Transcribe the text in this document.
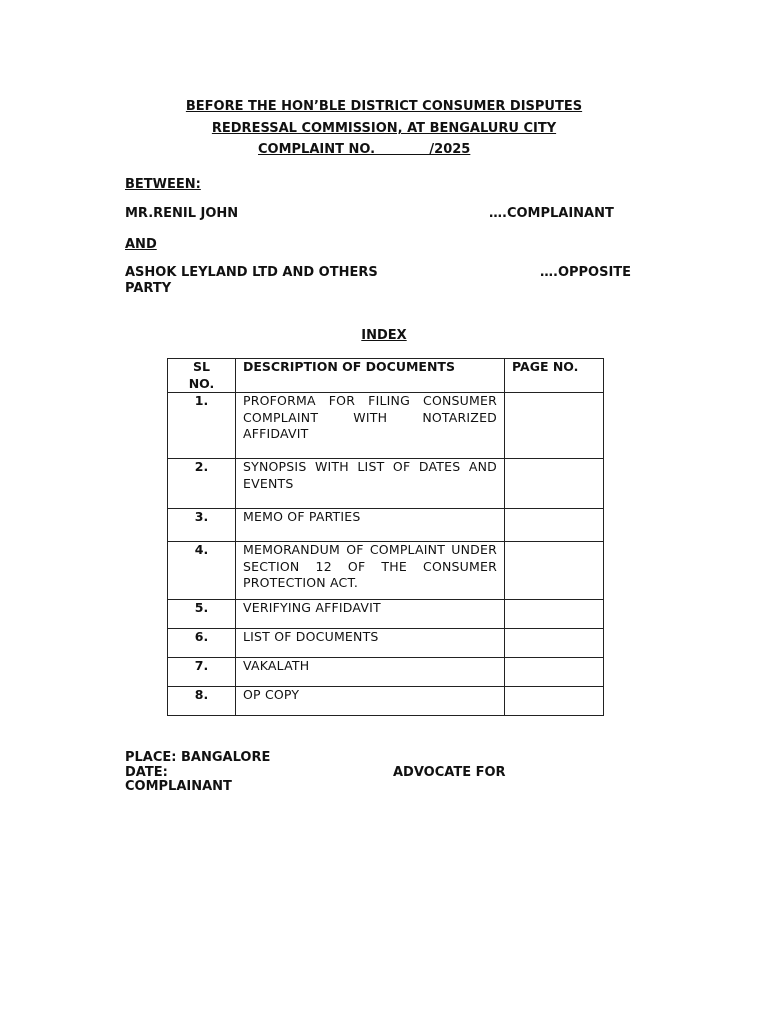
BEFORE THE HON’BLE DISTRICT CONSUMER DISPUTES
REDRESSAL COMMISSION, AT BENGALURU CITY
COMPLAINT NO.            /2025
BETWEEN:
MR.RENIL JOHN	….COMPLAINANT
AND
ASHOK LEYLAND LTD AND OTHERS	….OPPOSITE
PARTY
INDEX
SL
NO.	DESCRIPTION OF DOCUMENTS	PAGE NO.
1.	PROFORMA FOR FILING CONSUMER COMPLAINT WITH NOTARIZED AFFIDAVIT	
2.	SYNOPSIS WITH LIST OF DATES AND EVENTS	
3.	MEMO OF PARTIES	
4.	MEMORANDUM OF COMPLAINT UNDER SECTION 12 OF THE CONSUMER PROTECTION ACT.	
5.	VERIFYING AFFIDAVIT	
6.	LIST OF DOCUMENTS	
7.	VAKALATH	
8.	OP COPY	
PLACE: BANGALORE
DATE:	ADVOCATE FOR
COMPLAINANT
